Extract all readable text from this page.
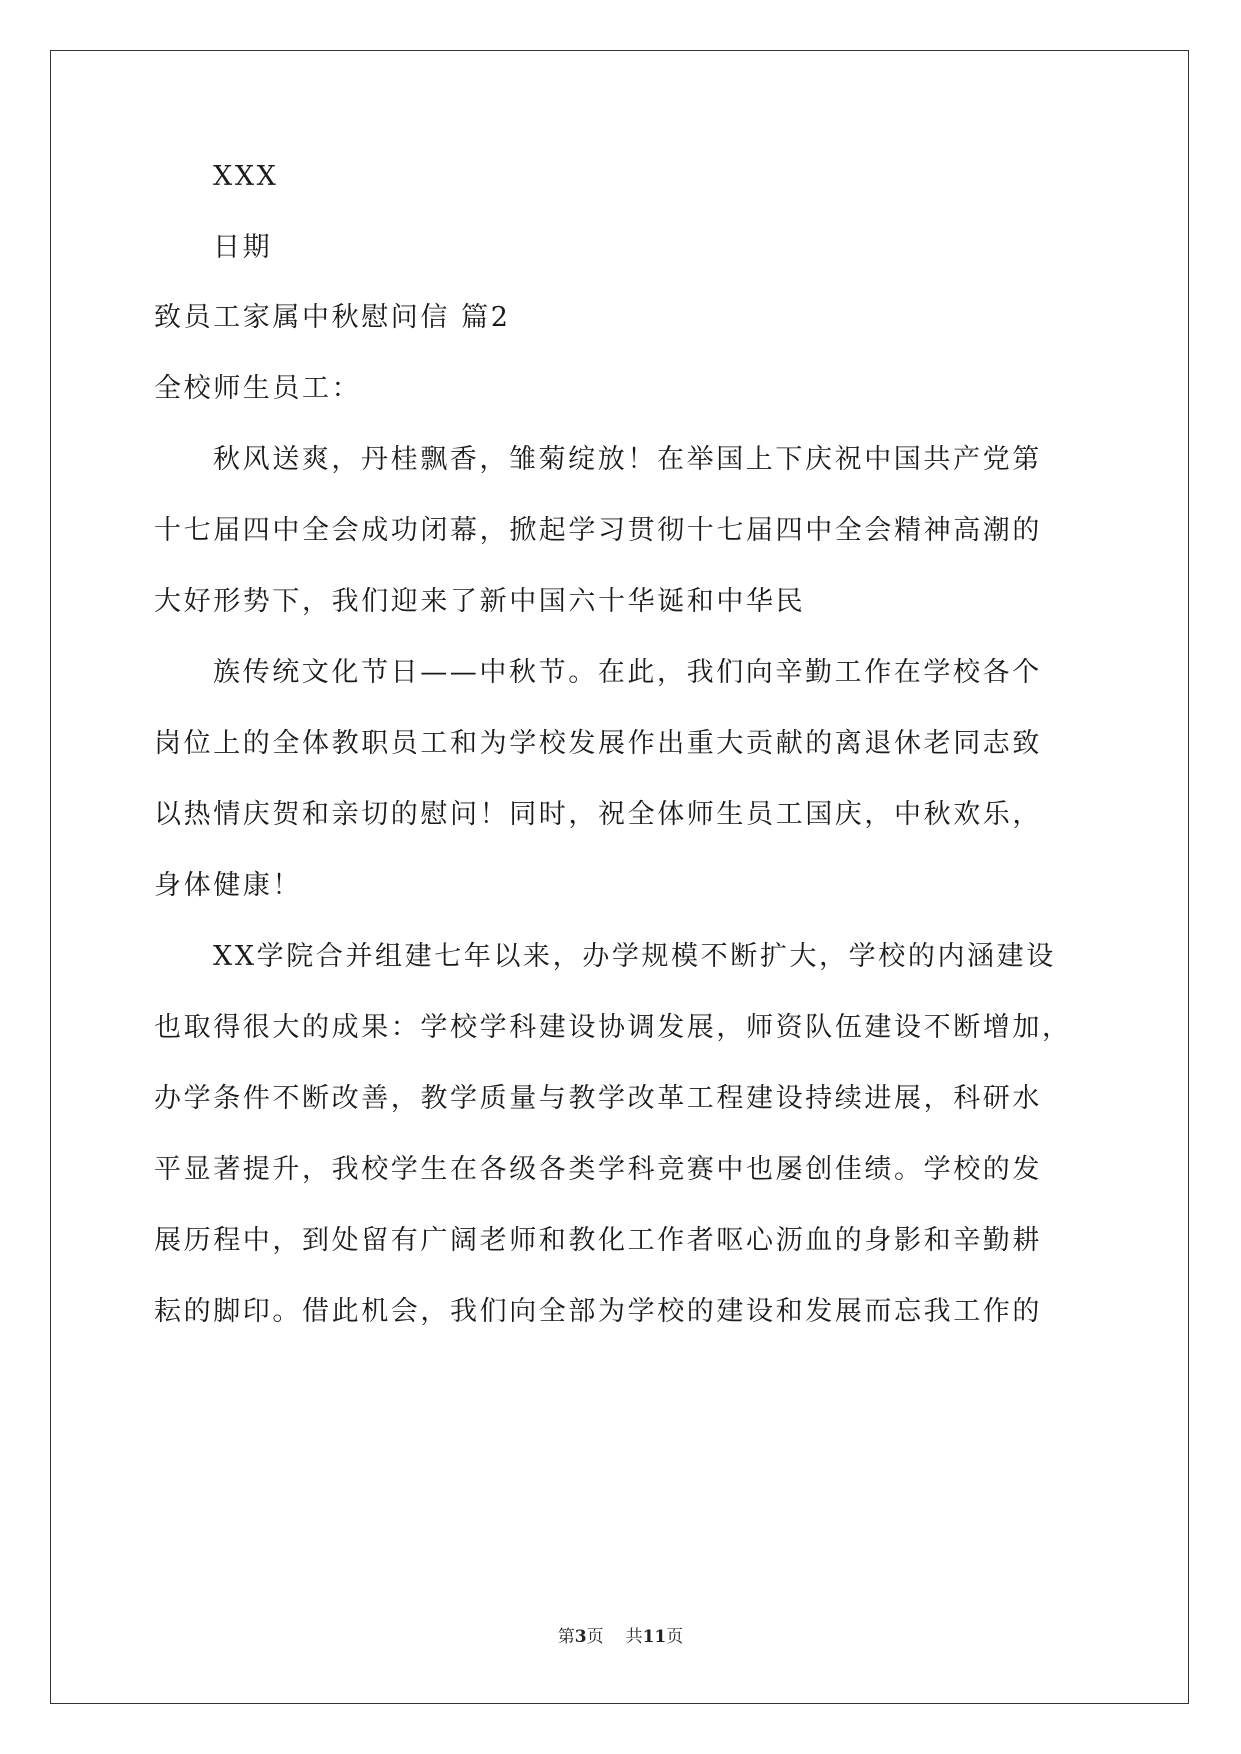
XXX
日期
致员工家属中秋慰问信 篇2
全校师生员工：
秋风送爽，丹桂飘香，雏菊绽放！在举国上下庆祝中国共产党第
十七届四中全会成功闭幕，掀起学习贯彻十七届四中全会精神高潮的
大好形势下，我们迎来了新中国六十华诞和中华民
族传统文化节日——中秋节。在此，我们向辛勤工作在学校各个
岗位上的全体教职员工和为学校发展作出重大贡献的离退休老同志致
以热情庆贺和亲切的慰问！同时，祝全体师生员工国庆，中秋欢乐，
身体健康！
XX学院合并组建七年以来，办学规模不断扩大，学校的内涵建设
也取得很大的成果：学校学科建设协调发展，师资队伍建设不断增加，
办学条件不断改善，教学质量与教学改革工程建设持续进展，科研水
平显著提升，我校学生在各级各类学科竞赛中也屡创佳绩。学校的发
展历程中，到处留有广阔老师和教化工作者呕心沥血的身影和辛勤耕
耘的脚印。借此机会，我们向全部为学校的建设和发展而忘我工作的
第3页 共11页
